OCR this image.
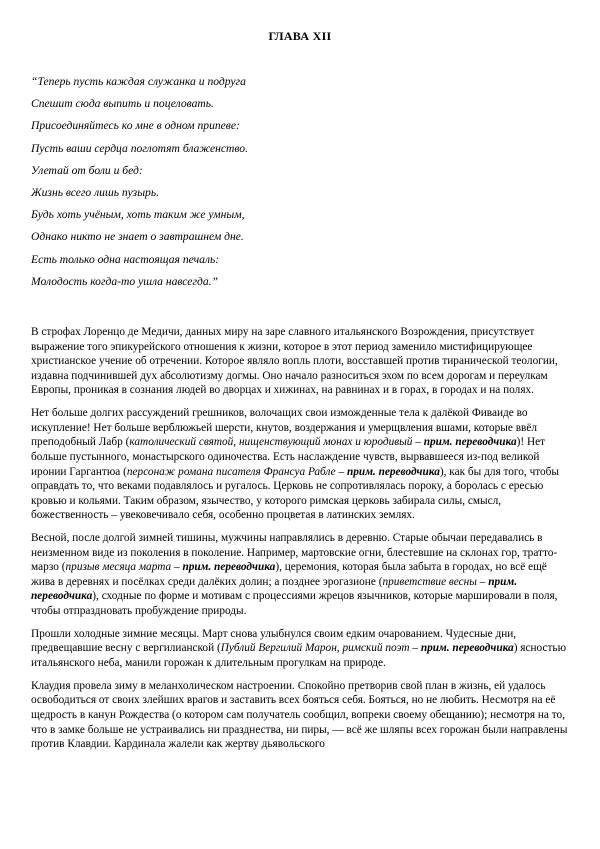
ГЛАВА XII
“Теперь пусть каждая служанка и подруга
Спешит сюда выпить и поцеловать.
Присоединяйтесь ко мне в одном припеве:
Пусть ваши сердца поглотят блаженство.
Улетай от боли и бед:
Жизнь всего лишь пузырь.
Будь хоть учёным, хоть таким же умным,
Однако никто не знает о завтрашнем дне.
Есть только одна настоящая печаль:
Молодость когда-то ушла навсегда.”

В строфах Лоренцо де Медичи, данных миру на заре славного итальянского Возрождения, присутствует выражение того эпикурейского отношения к жизни, которое в этот период заменило мистифицирующее христианское учение об отречении. Которое являло вопль плоти, восставшей против тиранической теологии, издавна подчинившей дух абсолютизму догмы. Оно начало разноситься эхом по всем дорогам и переулкам Европы, проникая в сознания людей во дворцах и хижинах, на равнинах и в горах, в городах и на полях.

Нет больше долгих рассуждений грешников, волочащих свои изможденные тела к далёкой Фиваиде во искупление! Нет больше верблюжьей шерсти, кнутов, воздержания и умерщвления вшами, которые ввёл преподобный Лабр (католический святой, нищенствующий монах и юродивый – прим. переводчика)! Нет больше пустынного, монастырского одиночества. Есть наслаждение чувств, вырвавшееся из-под великой иронии Гаргантюа (персонаж романа писателя Франсуа Рабле – прим. переводчика), как бы для того, чтобы оправдать то, что веками подавлялось и ругалось. Церковь не сопротивлялась пороку, а боролась с ересью кровью и кольями. Таким образом, язычество, у которого римская церковь забирала силы, смысл, божественность – увековечивало себя, особенно процветая в латинских землях.

Весной, после долгой зимней тишины, мужчины направлялись в деревню. Старые обычаи передавались в неизменном виде из поколения в поколение. Например, мартовские огни, блестевшие на склонах гор, тратто-марзо (призыв месяца марта – прим. переводчика), церемония, которая была забыта в городах, но всё ещё жива в деревнях и посёлках среди далёких долин; а позднее эрогазионе (приветствие весны – прим. переводчика), сходные по форме и мотивам с процессиями жрецов язычников, которые маршировали в поля, чтобы отпраздновать пробуждение природы.

Прошли холодные зимние месяцы. Март снова улыбнулся своим едким очарованием. Чудесные дни, предвещавшие весну с вергилианской (Публий Вергилий Марон, римский поэт – прим. переводчика) ясностью итальянского неба, манили горожан к длительным прогулкам на природе.

Клаудия провела зиму в меланхолическом настроении. Спокойно претворив свой план в жизнь, ей удалось освободиться от своих злейших врагов и заставить всех бояться себя. Бояться, но не любить. Несмотря на её щедрость в канун Рождества (о котором сам получатель сообщил, вопреки своему обещанию); несмотря на то, что в замке больше не устраивались ни празднества, ни пиры, — всё же шляпы всех горожан были направлены против Клавдии. Кардинала жалели как жертву дьявольского
